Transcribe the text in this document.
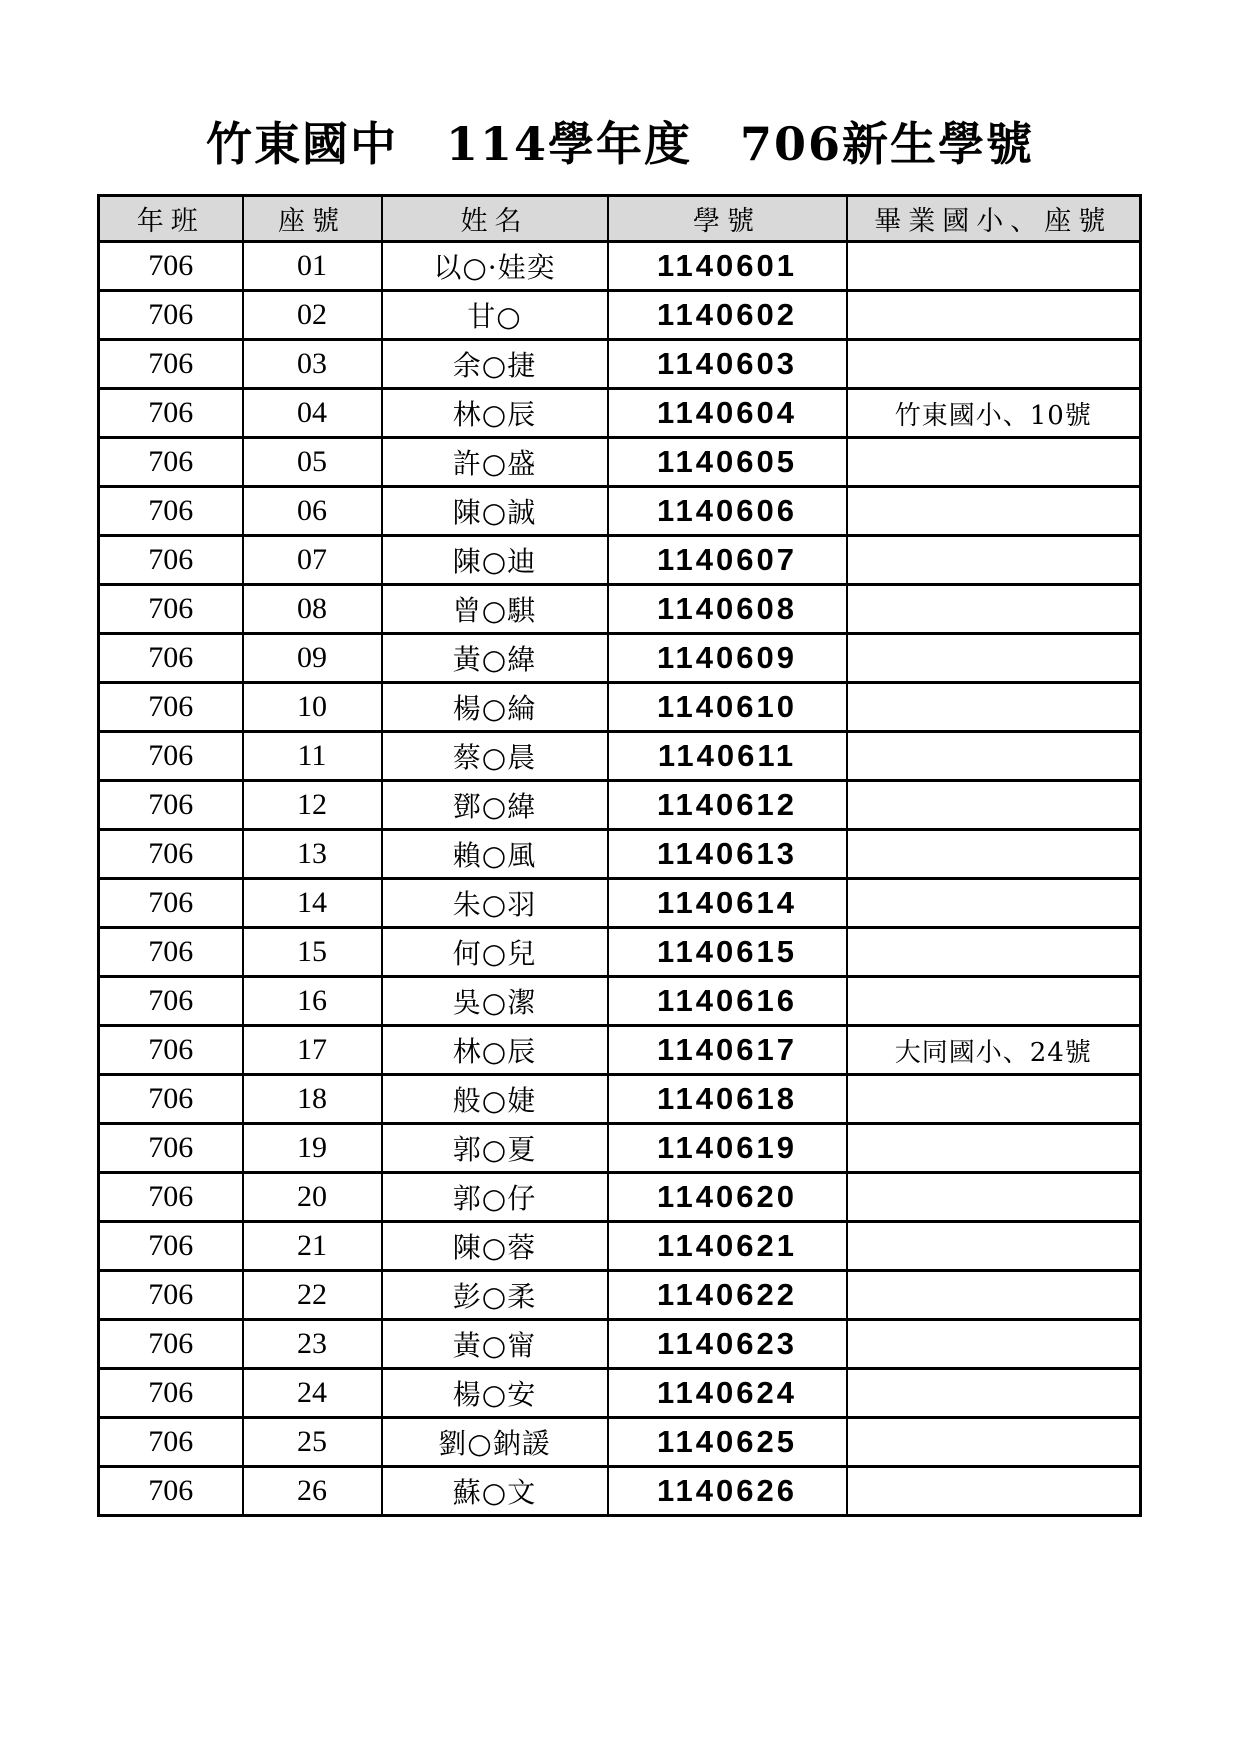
竹東國中　114學年度　706新生學號
年班	座號	姓名	學號	畢業國小、座號
706	01	以○·娃奕	1140601	
706	02	甘○	1140602	
706	03	余○捷	1140603	
706	04	林○辰	1140604	竹東國小、10號
706	05	許○盛	1140605	
706	06	陳○誠	1140606	
706	07	陳○迪	1140607	
706	08	曾○騏	1140608	
706	09	黃○緯	1140609	
706	10	楊○綸	1140610	
706	11	蔡○晨	1140611	
706	12	鄧○緯	1140612	
706	13	賴○風	1140613	
706	14	朱○羽	1140614	
706	15	何○兒	1140615	
706	16	吳○潔	1140616	
706	17	林○辰	1140617	大同國小、24號
706	18	般○婕	1140618	
706	19	郭○夏	1140619	
706	20	郭○仔	1140620	
706	21	陳○蓉	1140621	
706	22	彭○柔	1140622	
706	23	黃○甯	1140623	
706	24	楊○安	1140624	
706	25	劉○鈉諼	1140625	
706	26	蘇○文	1140626	
